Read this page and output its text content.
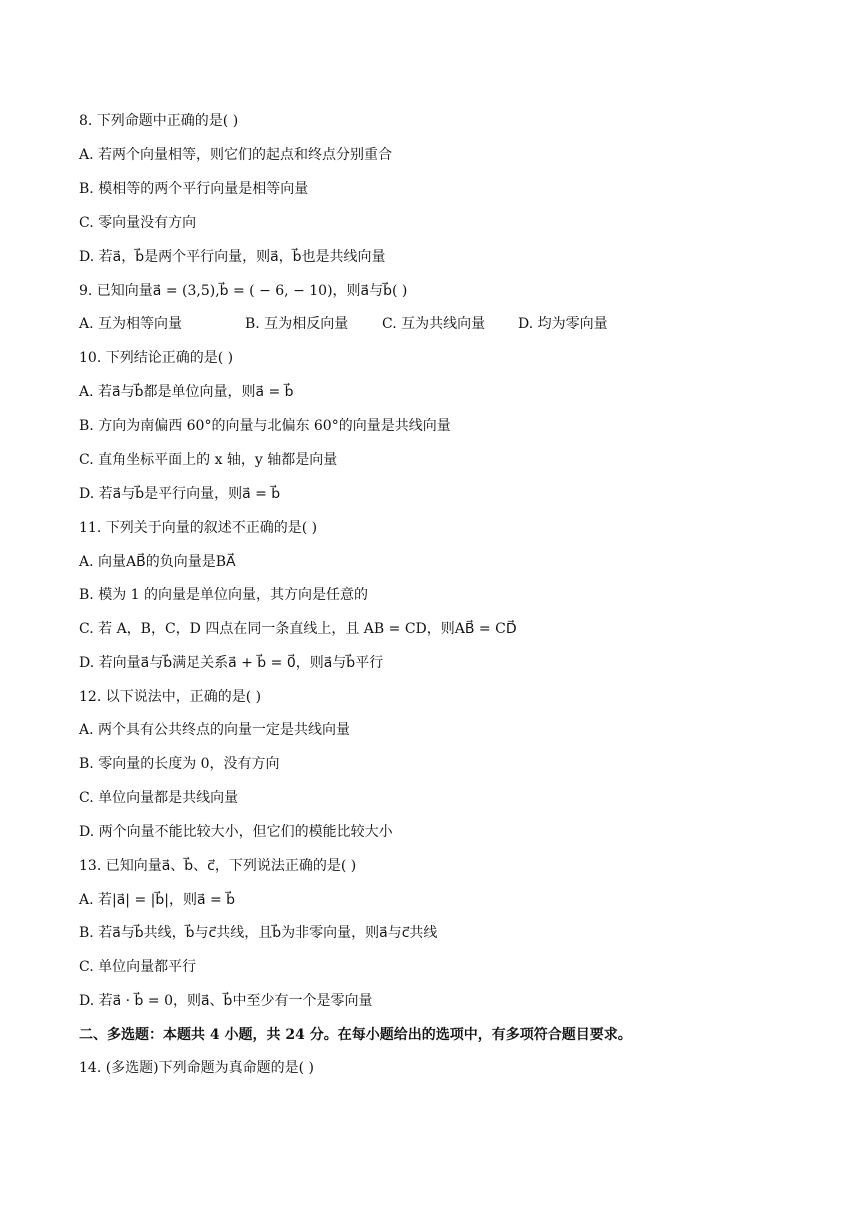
8. 下列命题中正确的是( )
A. 若两个向量相等，则它们的起点和终点分别重合
B. 模相等的两个平行向量是相等向量
C. 零向量没有方向
D. 若a⃗，b⃗是两个平行向量，则a⃗，b⃗也是共线向量
9. 已知向量a⃗ = (3,5),b⃗ = ( − 6, − 10)，则a⃗与b⃗( )
A. 互为相等向量	B. 互为相反向量 C. 互为共线向量 D. 均为零向量
10. 下列结论正确的是( )
A. 若a⃗与b⃗都是单位向量，则a⃗ = b⃗
B. 方向为南偏西 60°的向量与北偏东 60°的向量是共线向量
C. 直角坐标平面上的 x 轴，y 轴都是向量
D. 若a⃗与b⃗是平行向量，则a⃗ = b⃗
11. 下列关于向量的叙述不正确的是( )
A. 向量AB⃗的负向量是BA⃗
B. 模为 1 的向量是单位向量，其方向是任意的
C. 若 A，B，C，D 四点在同一条直线上，且 AB = CD，则AB⃗ = CD⃗
D. 若向量a⃗与b⃗满足关系a⃗ + b⃗ = 0⃗，则a⃗与b⃗平行
12. 以下说法中，正确的是( )
A. 两个具有公共终点的向量一定是共线向量
B. 零向量的长度为 0，没有方向
C. 单位向量都是共线向量
D. 两个向量不能比较大小，但它们的模能比较大小
13. 已知向量a⃗、b⃗、c⃗，下列说法正确的是( )
A. 若|a⃗| = |b⃗|，则a⃗ = b⃗
B. 若a⃗与b⃗共线，b⃗与c⃗共线，且b⃗为非零向量，则a⃗与c⃗共线
C. 单位向量都平行
D. 若a⃗ · b⃗ = 0，则a⃗、b⃗中至少有一个是零向量
二、多选题：本题共 4 小题，共 24 分。在每小题给出的选项中，有多项符合题目要求。
14. (多选题)下列命题为真命题的是( )
